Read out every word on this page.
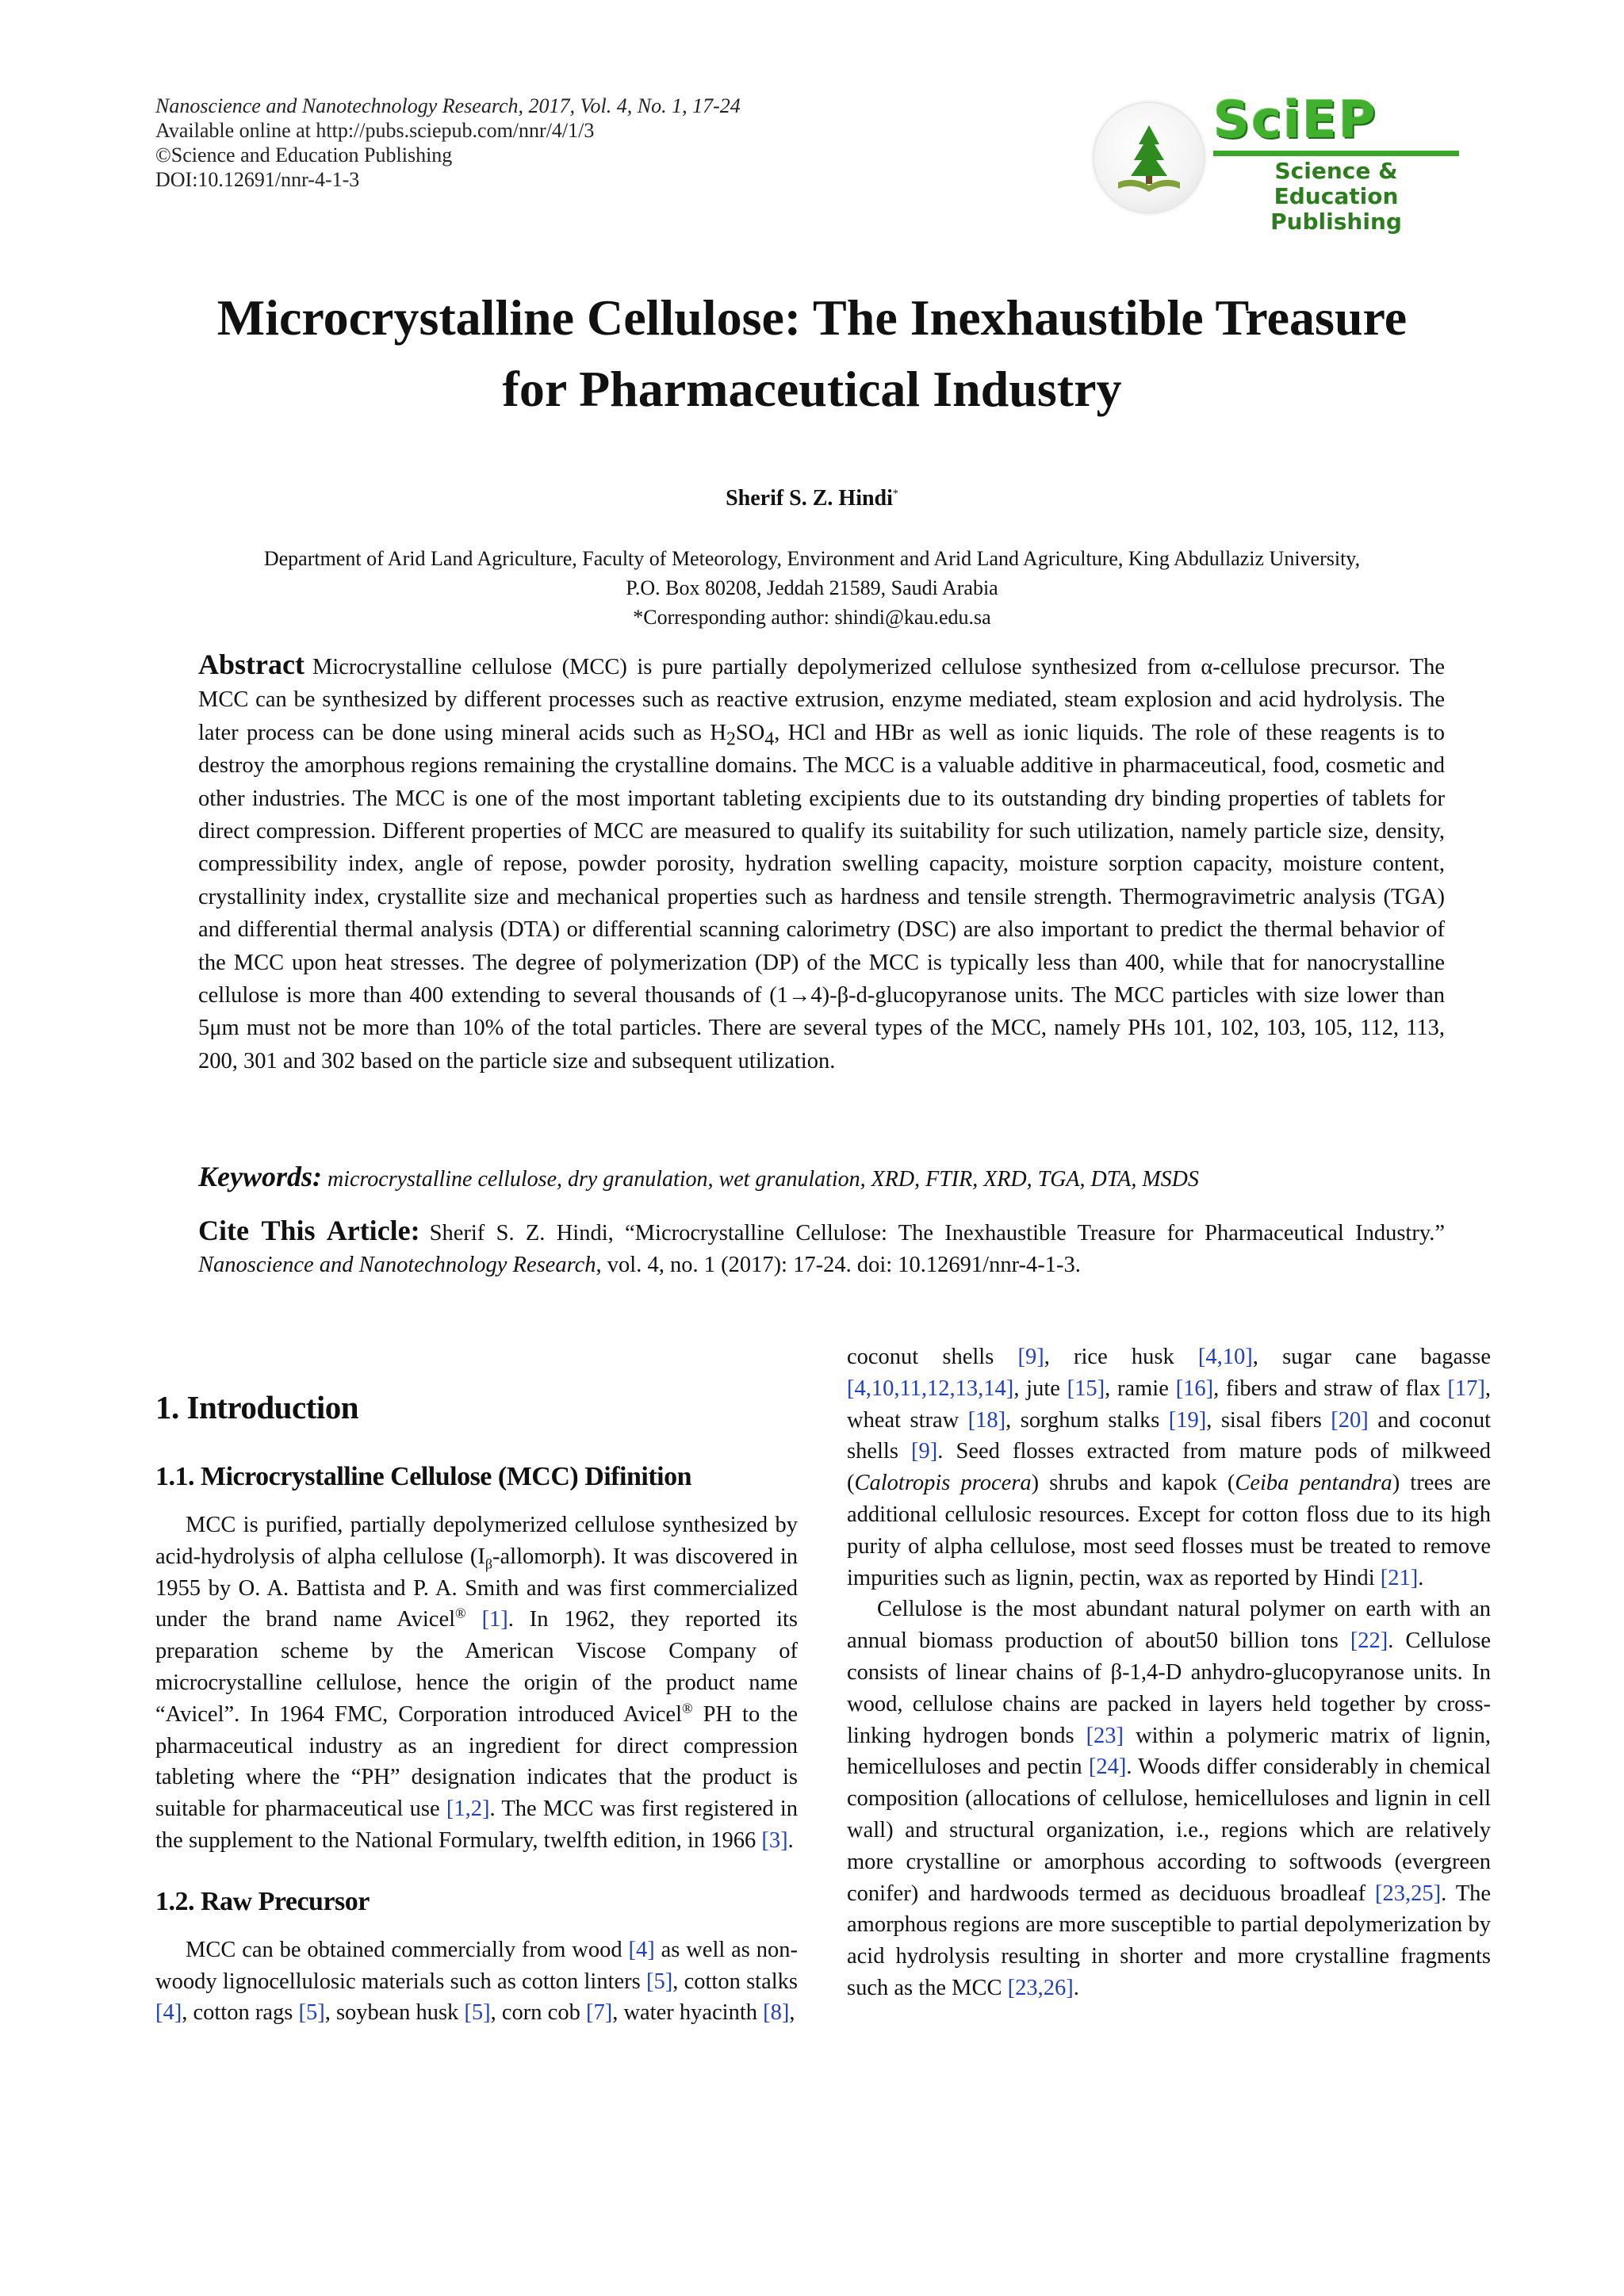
Nanoscience and Nanotechnology Research, 2017, Vol. 4, No. 1, 17-24
Available online at http://pubs.sciepub.com/nnr/4/1/3
©Science and Education Publishing
DOI:10.12691/nnr-4-1-3
SciEP
Science & Education
Publishing
Microcrystalline Cellulose: The Inexhaustible Treasure
for Pharmaceutical Industry
Sherif S. Z. Hindi*
Department of Arid Land Agriculture, Faculty of Meteorology, Environment and Arid Land Agriculture, King Abdullaziz University,
P.O. Box 80208, Jeddah 21589, Saudi Arabia
*Corresponding author: shindi@kau.edu.sa
Abstract Microcrystalline cellulose (MCC) is pure partially depolymerized cellulose synthesized from α-cellulose precursor. The MCC can be synthesized by different processes such as reactive extrusion, enzyme mediated, steam explosion and acid hydrolysis. The later process can be done using mineral acids such as $H_2SO_4$, HCl and HBr as well as ionic liquids. The role of these reagents is to destroy the amorphous regions remaining the crystalline domains. The MCC is a valuable additive in pharmaceutical, food, cosmetic and other industries. The MCC is one of the most important tableting excipients due to its outstanding dry binding properties of tablets for direct compression. Different properties of MCC are measured to qualify its suitability for such utilization, namely particle size, density, compressibility index, angle of repose, powder porosity, hydration swelling capacity, moisture sorption capacity, moisture content, crystallinity index, crystallite size and mechanical properties such as hardness and tensile strength. Thermogravimetric analysis (TGA) and differential thermal analysis (DTA) or differential scanning calorimetry (DSC) are also important to predict the thermal behavior of the MCC upon heat stresses. The degree of polymerization (DP) of the MCC is typically less than 400, while that for nanocrystalline cellulose is more than 400 extending to several thousands of (1→4)-β-d-glucopyranose units. The MCC particles with size lower than 5μm must not be more than 10% of the total particles. There are several types of the MCC, namely PHs 101, 102, 103, 105, 112, 113, 200, 301 and 302 based on the particle size and subsequent utilization.
Keywords: microcrystalline cellulose, dry granulation, wet granulation, XRD, FTIR, XRD, TGA, DTA, MSDS
Cite This Article: Sherif S. Z. Hindi, “Microcrystalline Cellulose: The Inexhaustible Treasure for Pharmaceutical Industry.” Nanoscience and Nanotechnology Research, vol. 4, no. 1 (2017): 17-24. doi: 10.12691/nnr-4-1-3.
1. Introduction
1.1. Microcrystalline Cellulose (MCC) Difinition

MCC is purified, partially depolymerized cellulose synthesized by acid-hydrolysis of alpha cellulose $(I_\beta-allomorph)$. It was discovered in 1955 by O. A. Battista and P. A. Smith and was first commercialized under the brand name Avicel® [1]. In 1962, they reported its preparation scheme by the American Viscose Company of microcrystalline cellulose, hence the origin of the product name “Avicel”. In 1964 FMC, Corporation introduced Avicel® PH to the pharmaceutical industry as an ingredient for direct compression tableting where the “PH” designation indicates that the product is suitable for pharmaceutical use [1,2]. The MCC was first registered in the supplement to the National Formulary, twelfth edition, in 1966 [3].

1.2. Raw Precursor

MCC can be obtained commercially from wood [4] as well as non-woody lignocellulosic materials such as cotton linters [5], cotton stalks [4], cotton rags [5], soybean husk [5], corn cob [7], water hyacinth [8],

coconut shells [9], rice husk [4,10], sugar cane bagasse [4,10,11,12,13,14], jute [15], ramie [16], fibers and straw of flax [17], wheat straw [18], sorghum stalks [19], sisal fibers [20] and coconut shells [9]. Seed flosses extracted from mature pods of milkweed (Calotropis procera) shrubs and kapok (Ceiba pentandra) trees are additional cellulosic resources. Except for cotton floss due to its high purity of alpha cellulose, most seed flosses must be treated to remove impurities such as lignin, pectin, wax as reported by Hindi [21].

Cellulose is the most abundant natural polymer on earth with an annual biomass production of about50 billion tons [22]. Cellulose consists of linear chains of β-1,4-D anhydro-glucopyranose units. In wood, cellulose chains are packed in layers held together by cross-linking hydrogen bonds [23] within a polymeric matrix of lignin, hemicelluloses and pectin [24]. Woods differ considerably in chemical composition (allocations of cellulose, hemicelluloses and lignin in cell wall) and structural organization, i.e., regions which are relatively more crystalline or amorphous according to softwoods (evergreen conifer) and hardwoods termed as deciduous broadleaf [23,25]. The amorphous regions are more susceptible to partial depolymerization by acid hydrolysis resulting in shorter and more crystalline fragments such as the MCC [23,26].
